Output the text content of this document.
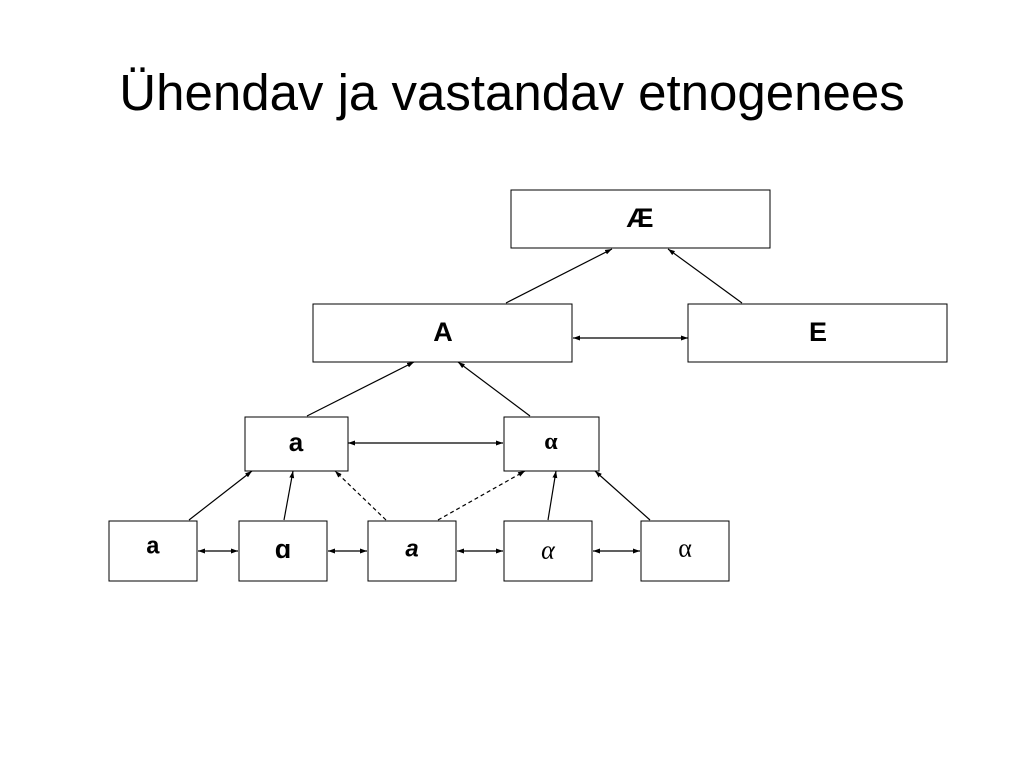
Ühendav ja vastandav etnogenees
Æ
A	E
a	α
a	ɑ	a	α	α
